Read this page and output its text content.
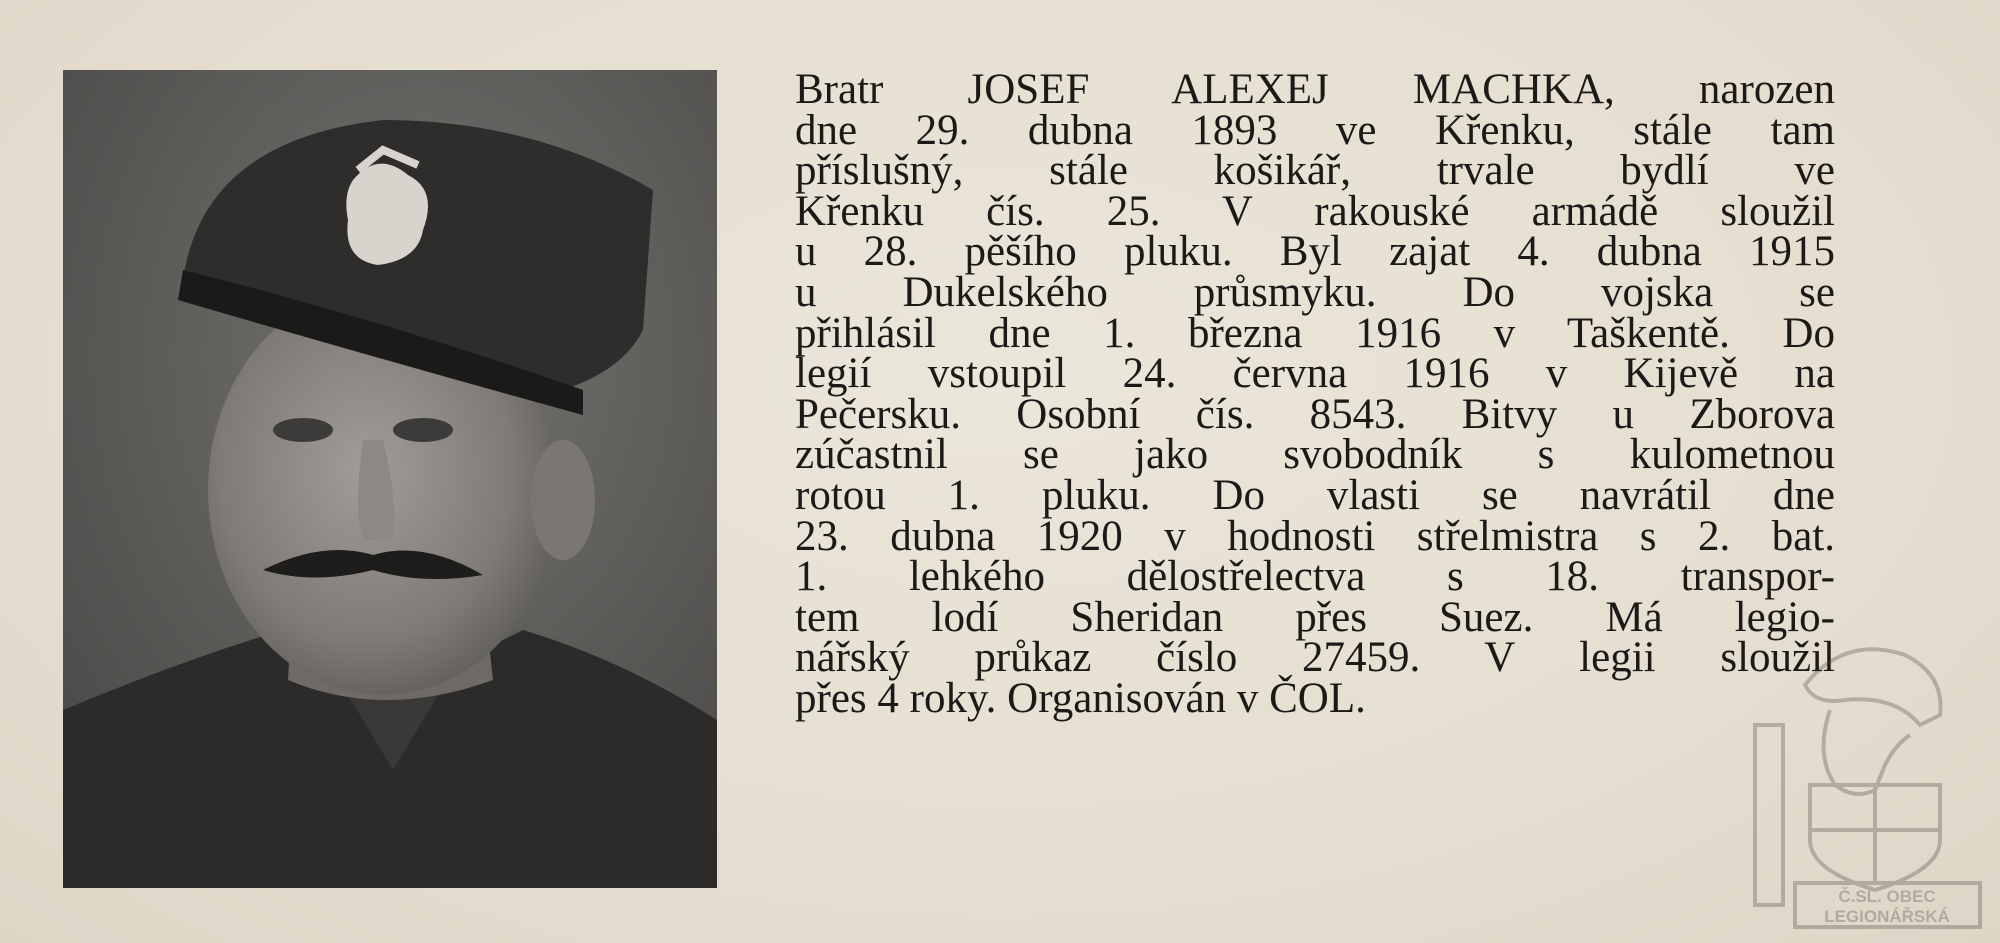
Bratr JOSEF ALEXEJ MACHKA, narozen
dne 29. dubna 1893 ve Křenku, stále tam
příslušný, stále košikář, trvale bydlí ve
Křenku čís. 25. V rakouské armádě sloužil
u 28. pěšího pluku. Byl zajat 4. dubna 1915
u Dukelského průsmyku. Do vojska se
přihlásil dne 1. března 1916 v Taškentě. Do
legií vstoupil 24. června 1916 v Kijevě na
Pečersku. Osobní čís. 8543. Bitvy u Zborova
zúčastnil se jako svobodník s kulometnou
rotou 1. pluku. Do vlasti se navrátil dne
23. dubna 1920 v hodnosti střelmistra s 2. bat.
1. lehkého dělostřelectva s 18. transpor-
tem lodí Sheridan přes Suez. Má legio-
nářský průkaz číslo 27459. V legii sloužil
přes 4 roky. Organisován v ČOL.
Č.SL. OBEC
LEGIONÁŘSKÁ
